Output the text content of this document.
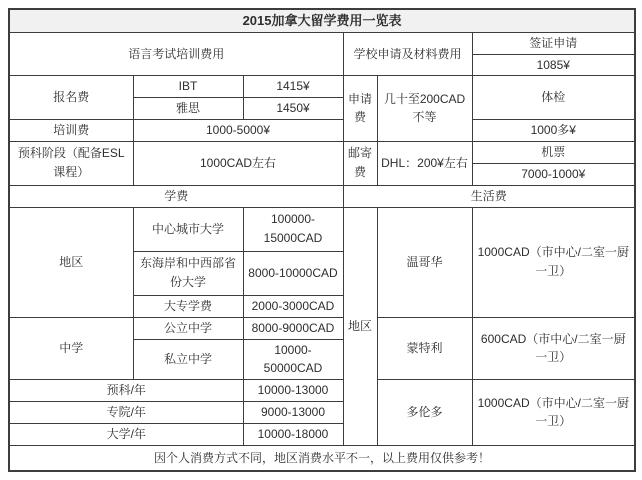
2015加拿大留学费用一览表					
语言考试培训费用			学校申请及材料费用		签证申请
					1085¥
报名费	IBT	1415¥	申请费	几十至200CAD不等	体检
	雅思	1450¥			
培训费	1000-5000¥				1000多¥
预科阶段（配备ESL课程）	1000CAD左右		邮寄费	DHL：200¥左右	机票
					7000-1000¥
学费			生活费		
地区	中心城市大学	100000-15000CAD	地区	温哥华	1000CAD（市中心/二室一厨一卫）
	东海岸和中西部省份大学	8000-10000CAD			
	大专学费	2000-3000CAD			
中学	公立中学	8000-9000CAD		蒙特利	600CAD（市中心/二室一厨一卫）
	私立中学	10000-50000CAD			
预科/年		10000-13000		多伦多	1000CAD（市中心/二室一厨一卫）
专院/年		9000-13000			
大学/年		10000-18000			
因个人消费方式不同，地区消费水平不一，以上费用仅供参考！					
